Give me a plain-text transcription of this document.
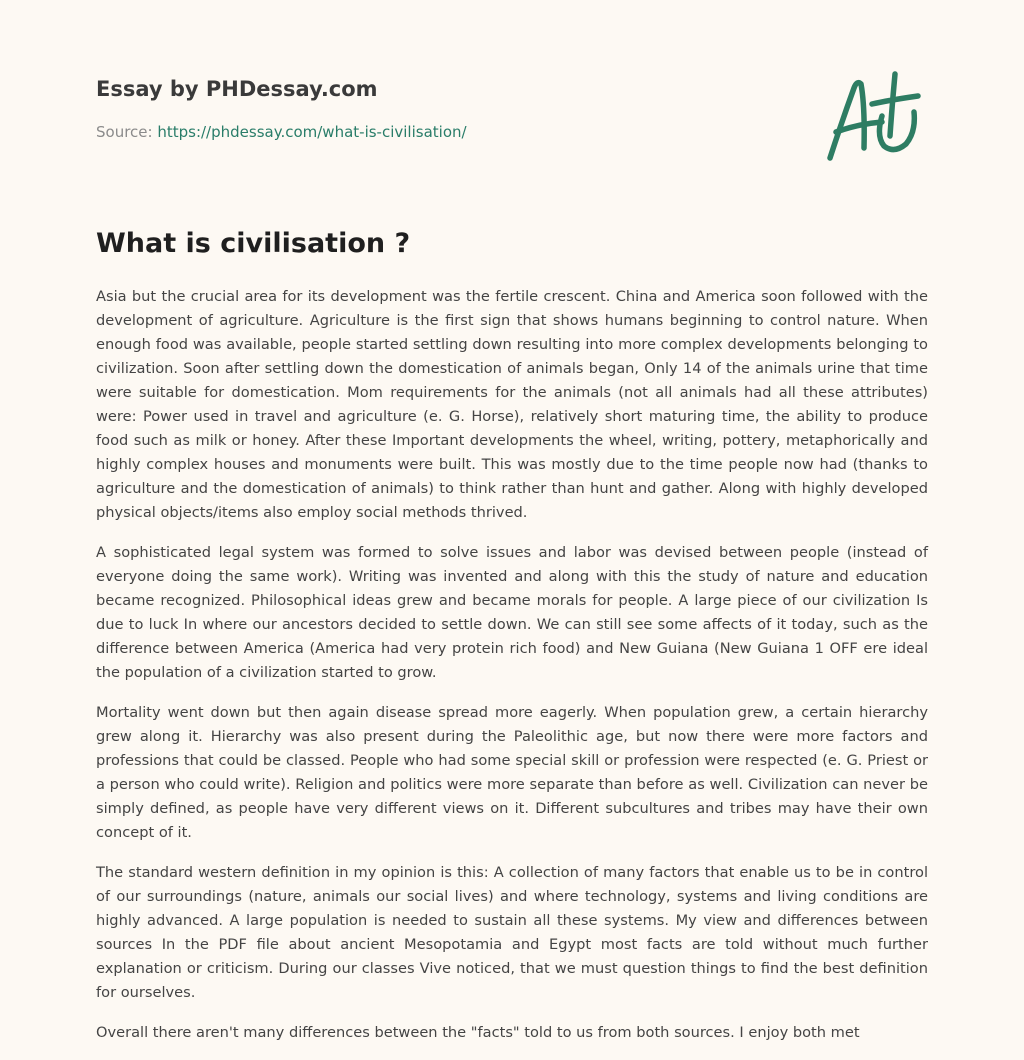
Essay by PHDessay.com
Source: https://phdessay.com/what-is-civilisation/
What is civilisation ?

Asia but the crucial area for its development was the fertile crescent. China and America soon followed with the development of agriculture. Agriculture is the first sign that shows humans beginning to control nature. When enough food was available, people started settling down resulting into more complex developments belonging to civilization. Soon after settling down the domestication of animals began, Only 14 of the animals urine that time were suitable for domestication. Mom requirements for the animals (not all animals had all these attributes) were: Power used in travel and agriculture (e. G. Horse), relatively short maturing time, the ability to produce food such as milk or honey. After these Important developments the wheel, writing, pottery, metaphorically and highly complex houses and monuments were built. This was mostly due to the time people now had (thanks to agriculture and the domestication of animals) to think rather than hunt and gather. Along with highly developed physical objects/items also employ social methods thrived.

A sophisticated legal system was formed to solve issues and labor was devised between people (instead of everyone doing the same work). Writing was invented and along with this the study of nature and education became recognized. Philosophical ideas grew and became morals for people. A large piece of our civilization Is due to luck In where our ancestors decided to settle down. We can still see some affects of it today, such as the difference between America (America had very protein rich food) and New Guiana (New Guiana 1 OFF ere ideal the population of a civilization started to grow.

Mortality went down but then again disease spread more eagerly. When population grew, a certain hierarchy grew along it. Hierarchy was also present during the Paleolithic age, but now there were more factors and professions that could be classed. People who had some special skill or profession were respected (e. G. Priest or a person who could write). Religion and politics were more separate than before as well. Civilization can never be simply defined, as people have very different views on it. Different subcultures and tribes may have their own concept of it.

The standard western definition in my opinion is this: A collection of many factors that enable us to be in control of our surroundings (nature, animals our social lives) and where technology, systems and living conditions are highly advanced. A large population is needed to sustain all these systems. My view and differences between sources In the PDF file about ancient Mesopotamia and Egypt most facts are told without much further explanation or criticism. During our classes Vive noticed, that we must question things to find the best definition for ourselves.

Overall there aren't many differences between the "facts" told to us from both sources. I enjoy both met
